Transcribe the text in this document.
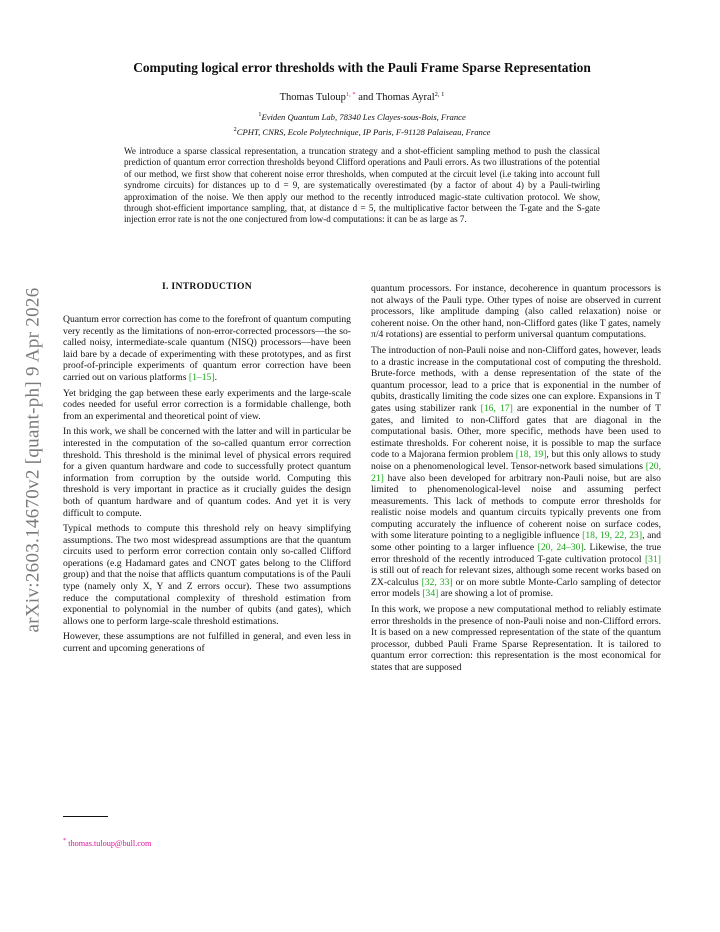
arXiv:2603.14670v2 [quant-ph] 9 Apr 2026
Computing logical error thresholds with the Pauli Frame Sparse Representation
Thomas Tuloup$^{1, *}$ and Thomas Ayral$^{2, 1}$
$^1$Eviden Quantum Lab, 78340 Les Clayes-sous-Bois, France
$^2$CPHT, CNRS, Ecole Polytechnique, IP Paris, F-91128 Palaiseau, France
We introduce a sparse classical representation, a truncation strategy and a shot-efficient sampling method to push the classical prediction of quantum error correction thresholds beyond Clifford operations and Pauli errors. As two illustrations of the potential of our method, we first show that coherent noise error thresholds, when computed at the circuit level (i.e taking into account full syndrome circuits) for distances up to d = 9, are systematically overestimated (by a factor of about 4) by a Pauli-twirling approximation of the noise. We then apply our method to the recently introduced magic-state cultivation protocol. We show, through shot-efficient importance sampling, that, at distance d = 5, the multiplicative factor between the T-gate and the S-gate injection error rate is not the one conjectured from low-d computations: it can be as large as 7.
I. INTRODUCTION

Quantum error correction has come to the forefront of quantum computing very recently as the limitations of non-error-corrected processors—the so-called noisy, intermediate-scale quantum (NISQ) processors—have been laid bare by a decade of experimenting with these prototypes, and as first proof-of-principle experiments of quantum error correction have been carried out on various platforms [1–15].

Yet bridging the gap between these early experiments and the large-scale codes needed for useful error correction is a formidable challenge, both from an experimental and theoretical point of view.

In this work, we shall be concerned with the latter and will in particular be interested in the computation of the so-called quantum error correction threshold. This threshold is the minimal level of physical errors required for a given quantum hardware and code to successfully protect quantum information from corruption by the outside world. Computing this threshold is very important in practice as it crucially guides the design both of quantum hardware and of quantum codes. And yet it is very difficult to compute.

Typical methods to compute this threshold rely on heavy simplifying assumptions. The two most widespread assumptions are that the quantum circuits used to perform error correction contain only so-called Clifford operations (e.g Hadamard gates and CNOT gates belong to the Clifford group) and that the noise that afflicts quantum computations is of the Pauli type (namely only X, Y and Z errors occur). These two assumptions reduce the computational complexity of threshold estimation from exponential to polynomial in the number of qubits (and gates), which allows one to perform large-scale threshold estimations.

However, these assumptions are not fulfilled in general, and even less in current and upcoming generations of

quantum processors. For instance, decoherence in quantum processors is not always of the Pauli type. Other types of noise are observed in current processors, like amplitude damping (also called relaxation) noise or coherent noise. On the other hand, non-Clifford gates (like T gates, namely π/4 rotations) are essential to perform universal quantum computations.

The introduction of non-Pauli noise and non-Clifford gates, however, leads to a drastic increase in the computational cost of computing the threshold. Brute-force methods, with a dense representation of the state of the quantum processor, lead to a price that is exponential in the number of qubits, drastically limiting the code sizes one can explore. Expansions in T gates using stabilizer rank [16, 17] are exponential in the number of T gates, and limited to non-Clifford gates that are diagonal in the computational basis. Other, more specific, methods have been used to estimate thresholds. For coherent noise, it is possible to map the surface code to a Majorana fermion problem [18, 19], but this only allows to study noise on a phenomenological level. Tensor-network based simulations [20, 21] have also been developed for arbitrary non-Pauli noise, but are also limited to phenomenological-level noise and assuming perfect measurements. This lack of methods to compute error thresholds for realistic noise models and quantum circuits typically prevents one from computing accurately the influence of coherent noise on surface codes, with some literature pointing to a negligible influence [18, 19, 22, 23], and some other pointing to a larger influence [20, 24–30]. Likewise, the true error threshold of the recently introduced T-gate cultivation protocol [31] is still out of reach for relevant sizes, although some recent works based on ZX-calculus [32, 33] or on more subtle Monte-Carlo sampling of detector error models [34] are showing a lot of promise.

In this work, we propose a new computational method to reliably estimate error thresholds in the presence of non-Pauli noise and non-Clifford errors. It is based on a new compressed representation of the state of the quantum processor, dubbed Pauli Frame Sparse Representation. It is tailored to quantum error correction: this representation is the most economical for states that are supposed

* thomas.tuloup@bull.com
